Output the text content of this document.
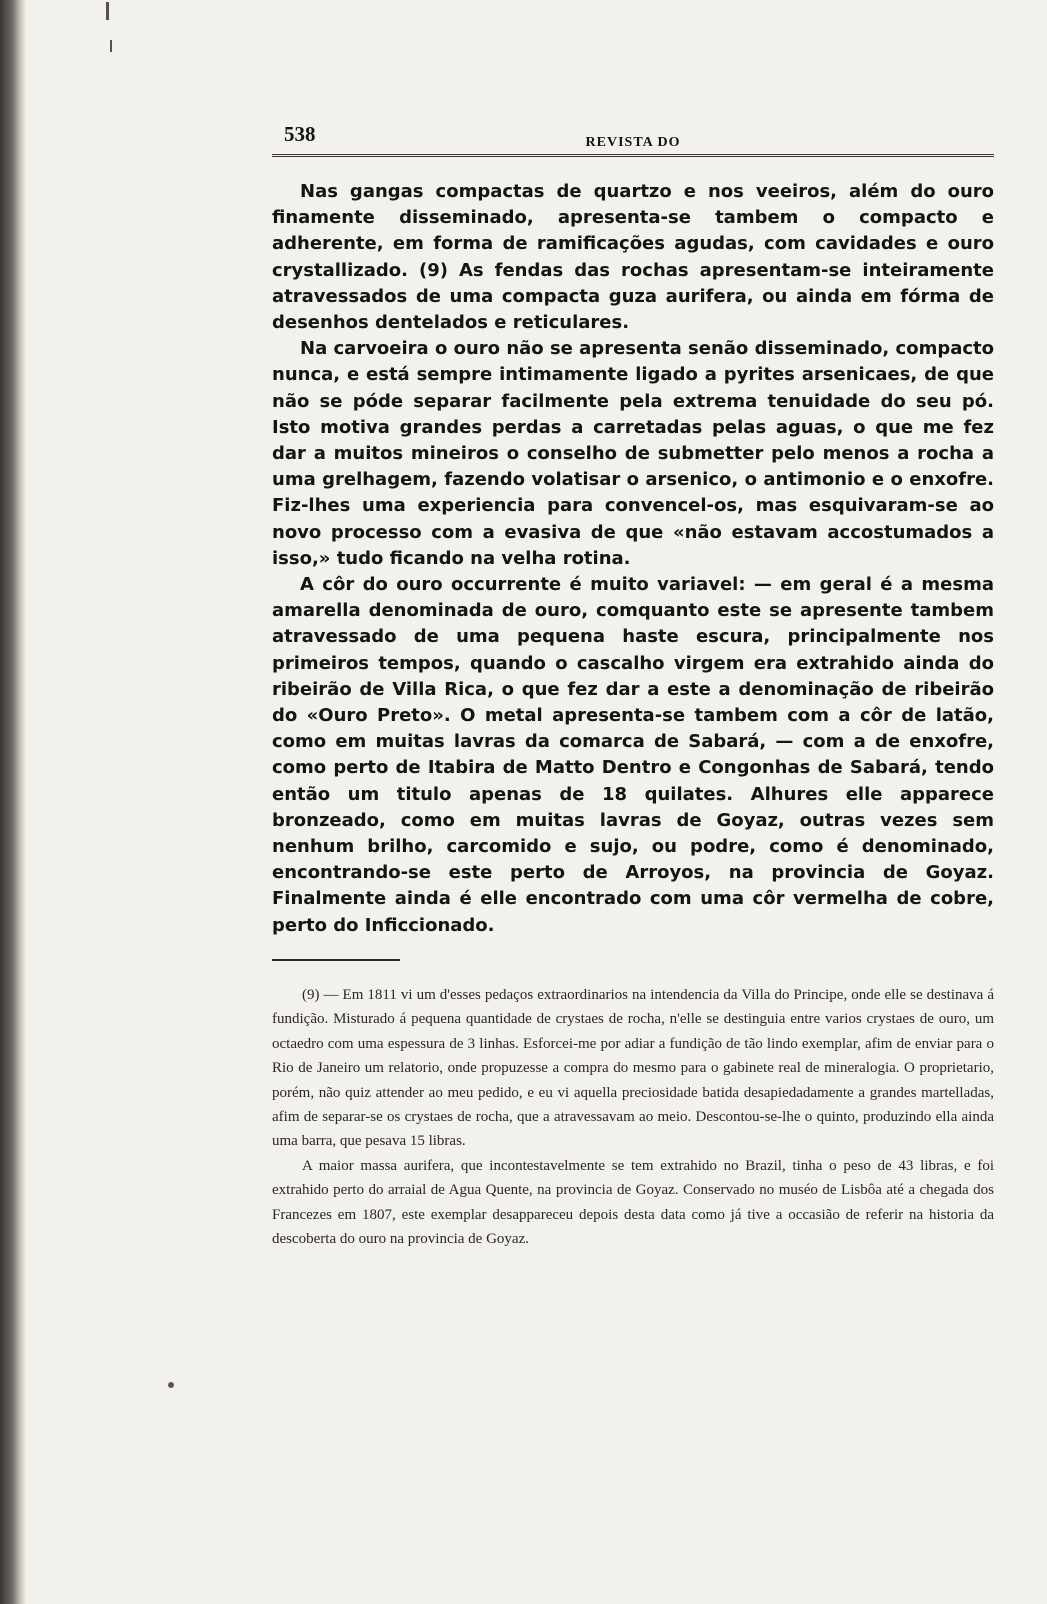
538	REVISTA DO

Nas gangas compactas de quartzo e nos veeiros, além do ouro finamente disseminado, apresenta-se tambem o compacto e adherente, em forma de ramificações agudas, com cavidades e ouro crystallizado. (9) As fendas das rochas apresentam-se inteiramente atravessados de uma compacta guza aurifera, ou ainda em fórma de desenhos dentelados e reticulares.

Na carvoeira o ouro não se apresenta senão disseminado, compacto nunca, e está sempre intimamente ligado a pyrites arsenicaes, de que não se póde separar facilmente pela extrema tenuidade do seu pó. Isto motiva grandes perdas a carretadas pelas aguas, o que me fez dar a muitos mineiros o conselho de submetter pelo menos a rocha a uma grelhagem, fazendo volatisar o arsenico, o antimonio e o enxofre. Fiz-lhes uma experiencia para convencel-os, mas esquivaram-se ao novo processo com a evasiva de que «não estavam accostumados a isso,» tudo ficando na velha rotina.

A côr do ouro occurrente é muito variavel: — em geral é a mesma amarella denominada de ouro, comquanto este se apresente tambem atravessado de uma pequena haste escura, principalmente nos primeiros tempos, quando o cascalho virgem era extrahido ainda do ribeirão de Villa Rica, o que fez dar a este a denominação de ribeirão do «Ouro Preto». O metal apresenta-se tambem com a côr de latão, como em muitas lavras da comarca de Sabará, — com a de enxofre, como perto de Itabira de Matto Dentro e Congonhas de Sabará, tendo então um titulo apenas de 18 quilates. Alhures elle apparece bronzeado, como em muitas lavras de Goyaz, outras vezes sem nenhum brilho, carcomido e sujo, ou podre, como é denominado, encontrando-se este perto de Arroyos, na provincia de Goyaz. Finalmente ainda é elle encontrado com uma côr vermelha de cobre, perto do Inficcionado.

(9) — Em 1811 vi um d'esses pedaços extraordinarios na intendencia da Villa do Principe, onde elle se destinava á fundição. Misturado á pequena quantidade de crystaes de rocha, n'elle se destinguia entre varios crystaes de ouro, um octaedro com uma espessura de 3 linhas. Esforcei-me por adiar a fundição de tão lindo exemplar, afim de enviar para o Rio de Janeiro um relatorio, onde propuzesse a compra do mesmo para o gabinete real de mineralogia. O proprietario, porém, não quiz attender ao meu pedido, e eu vi aquella preciosidade batida desapiedadamente a grandes martelladas, afim de separar-se os crystaes de rocha, que a atravessavam ao meio. Descontou-se-lhe o quinto, produzindo ella ainda uma barra, que pesava 15 libras.

A maior massa aurifera, que incontestavelmente se tem extrahido no Brazil, tinha o peso de 43 libras, e foi extrahido perto do arraial de Agua Quente, na provincia de Goyaz. Conservado no muséo de Lisbôa até a chegada dos Francezes em 1807, este exemplar desappareceu depois desta data como já tive a occasião de referir na historia da descoberta do ouro na provincia de Goyaz.
